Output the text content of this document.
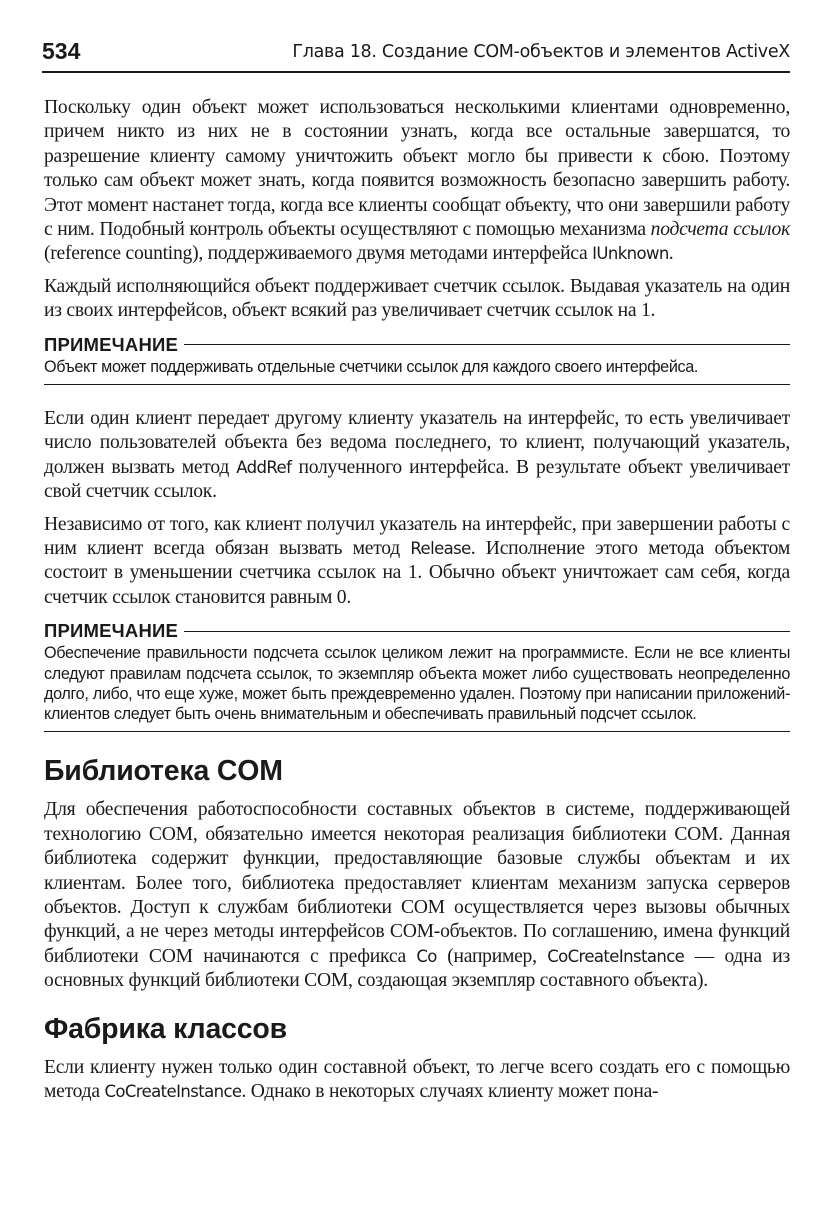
534	Глава 18. Создание COM-объектов и элементов ActiveX

Поскольку один объект может использоваться несколькими клиентами одновременно, причем никто из них не в состоянии узнать, когда все остальные завершатся, то разрешение клиенту самому уничтожить объект могло бы привести к сбою. Поэтому только сам объект может знать, когда появится возможность безопасно завершить работу. Этот момент настанет тогда, когда все клиенты сообщат объекту, что они завершили работу с ним. Подобный контроль объекты осуществляют с помощью механизма подсчета ссылок (reference counting), поддерживаемого двумя методами интерфейса IUnknown.

Каждый исполняющийся объект поддерживает счетчик ссылок. Выдавая указатель на один из своих интерфейсов, объект всякий раз увеличивает счетчик ссылок на 1.

ПРИМЕЧАНИЕ
Объект может поддерживать отдельные счетчики ссылок для каждого своего интерфейса.

Если один клиент передает другому клиенту указатель на интерфейс, то есть увеличивает число пользователей объекта без ведома последнего, то клиент, получающий указатель, должен вызвать метод AddRef полученного интерфейса. В результате объект увеличивает свой счетчик ссылок.

Независимо от того, как клиент получил указатель на интерфейс, при завершении работы с ним клиент всегда обязан вызвать метод Release. Исполнение этого метода объектом состоит в уменьшении счетчика ссылок на 1. Обычно объект уничтожает сам себя, когда счетчик ссылок становится равным 0.

ПРИМЕЧАНИЕ
Обеспечение правильности подсчета ссылок целиком лежит на программисте. Если не все клиенты следуют правилам подсчета ссылок, то экземпляр объекта может либо существовать неопределенно долго, либо, что еще хуже, может быть преждевременно удален. Поэтому при написании приложений-клиентов следует быть очень внимательным и обеспечивать правильный подсчет ссылок.
Библиотека COM

Для обеспечения работоспособности составных объектов в системе, поддерживающей технологию COM, обязательно имеется некоторая реализация библиотеки COM. Данная библиотека содержит функции, предоставляющие базовые службы объектам и их клиентам. Более того, библиотека предоставляет клиентам механизм запуска серверов объектов. Доступ к службам библиотеки COM осуществляется через вызовы обычных функций, а не через методы интерфейсов COM-объектов. По соглашению, имена функций библиотеки COM начинаются с префикса Co (например, CoCreateInstance — одна из основных функций библиотеки COM, создающая экземпляр составного объекта).

Фабрика классов

Если клиенту нужен только один составной объект, то легче всего создать его с помощью метода CoCreateInstance. Однако в некоторых случаях клиенту может пона-
